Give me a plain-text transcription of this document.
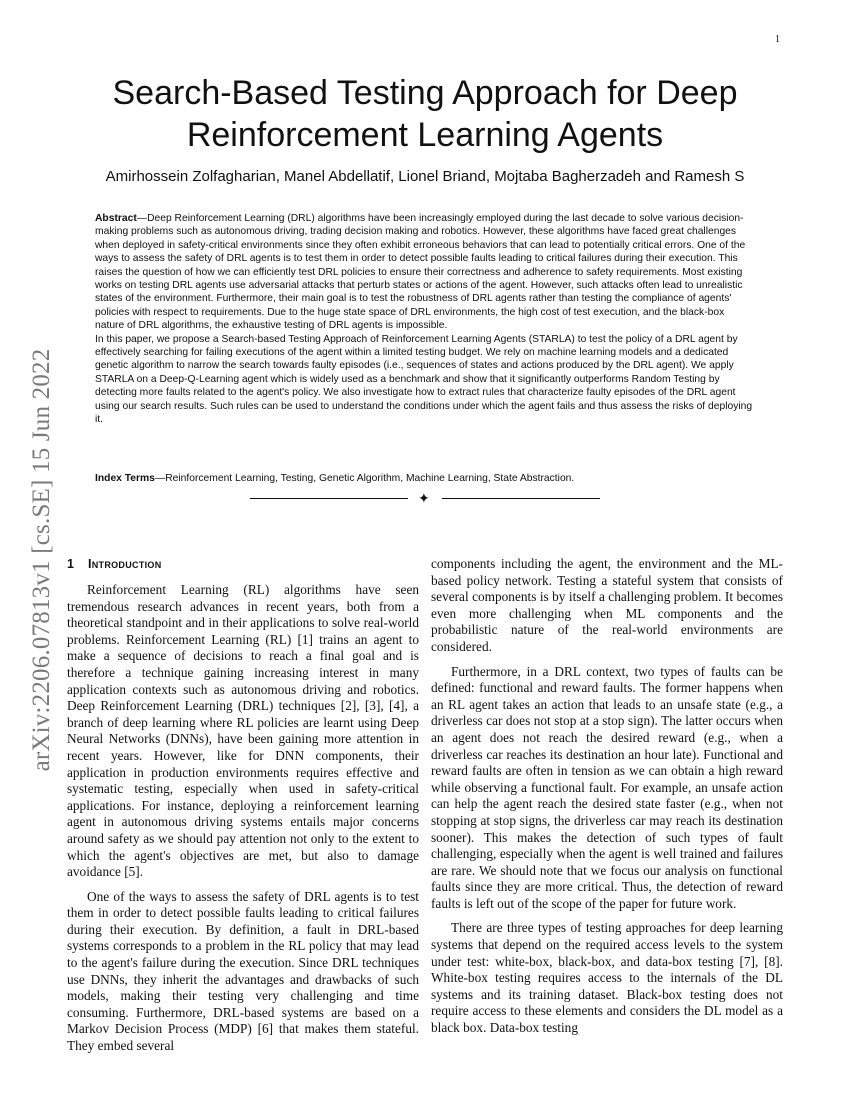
1
Search-Based Testing Approach for Deep
Reinforcement Learning Agents
Amirhossein Zolfagharian, Manel Abdellatif, Lionel Briand, Mojtaba Bagherzadeh and Ramesh S

Abstract—Deep Reinforcement Learning (DRL) algorithms have been increasingly employed during the last decade to solve various decision-making problems such as autonomous driving, trading decision making and robotics. However, these algorithms have faced great challenges when deployed in safety-critical environments since they often exhibit erroneous behaviors that can lead to potentially critical errors. One of the ways to assess the safety of DRL agents is to test them in order to detect possible faults leading to critical failures during their execution. This raises the question of how we can efficiently test DRL policies to ensure their correctness and adherence to safety requirements. Most existing works on testing DRL agents use adversarial attacks that perturb states or actions of the agent. However, such attacks often lead to unrealistic states of the environment. Furthermore, their main goal is to test the robustness of DRL agents rather than testing the compliance of agents' policies with respect to requirements. Due to the huge state space of DRL environments, the high cost of test execution, and the black-box nature of DRL algorithms, the exhaustive testing of DRL agents is impossible.

In this paper, we propose a Search-based Testing Approach of Reinforcement Learning Agents (STARLA) to test the policy of a DRL agent by effectively searching for failing executions of the agent within a limited testing budget. We rely on machine learning models and a dedicated genetic algorithm to narrow the search towards faulty episodes (i.e., sequences of states and actions produced by the DRL agent). We apply STARLA on a Deep-Q-Learning agent which is widely used as a benchmark and show that it significantly outperforms Random Testing by detecting more faults related to the agent's policy. We also investigate how to extract rules that characterize faulty episodes of the DRL agent using our search results. Such rules can be used to understand the conditions under which the agent fails and thus assess the risks of deploying it.

Index Terms—Reinforcement Learning, Testing, Genetic Algorithm, Machine Learning, State Abstraction.
✦
arXiv:2206.07813v1 [cs.SE] 15 Jun 2022 1 Introduction

Reinforcement Learning (RL) algorithms have seen tremendous research advances in recent years, both from a theoretical standpoint and in their applications to solve real-world problems. Reinforcement Learning (RL) [1] trains an agent to make a sequence of decisions to reach a final goal and is therefore a technique gaining increasing interest in many application contexts such as autonomous driving and robotics. Deep Reinforcement Learning (DRL) techniques [2], [3], [4], a branch of deep learning where RL policies are learnt using Deep Neural Networks (DNNs), have been gaining more attention in recent years. However, like for DNN components, their application in production environments requires effective and systematic testing, especially when used in safety-critical applications. For instance, deploying a reinforcement learning agent in autonomous driving systems entails major concerns around safety as we should pay attention not only to the extent to which the agent's objectives are met, but also to damage avoidance [5].

One of the ways to assess the safety of DRL agents is to test them in order to detect possible faults leading to critical failures during their execution. By definition, a fault in DRL-based systems corresponds to a problem in the RL policy that may lead to the agent's failure during the execution. Since DRL techniques use DNNs, they inherit the advantages and drawbacks of such models, making their testing very challenging and time consuming. Furthermore, DRL-based systems are based on a Markov Decision Process (MDP) [6] that makes them stateful. They embed several

components including the agent, the environment and the ML-based policy network. Testing a stateful system that consists of several components is by itself a challenging problem. It becomes even more challenging when ML components and the probabilistic nature of the real-world environments are considered.

Furthermore, in a DRL context, two types of faults can be defined: functional and reward faults. The former happens when an RL agent takes an action that leads to an unsafe state (e.g., a driverless car does not stop at a stop sign). The latter occurs when an agent does not reach the desired reward (e.g., when a driverless car reaches its destination an hour late). Functional and reward faults are often in tension as we can obtain a high reward while observing a functional fault. For example, an unsafe action can help the agent reach the desired state faster (e.g., when not stopping at stop signs, the driverless car may reach its destination sooner). This makes the detection of such types of fault challenging, especially when the agent is well trained and failures are rare. We should note that we focus our analysis on functional faults since they are more critical. Thus, the detection of reward faults is left out of the scope of the paper for future work.

There are three types of testing approaches for deep learning systems that depend on the required access levels to the system under test: white-box, black-box, and data-box testing [7], [8]. White-box testing requires access to the internals of the DL systems and its training dataset. Black-box testing does not require access to these elements and considers the DL model as a black box. Data-box testing
